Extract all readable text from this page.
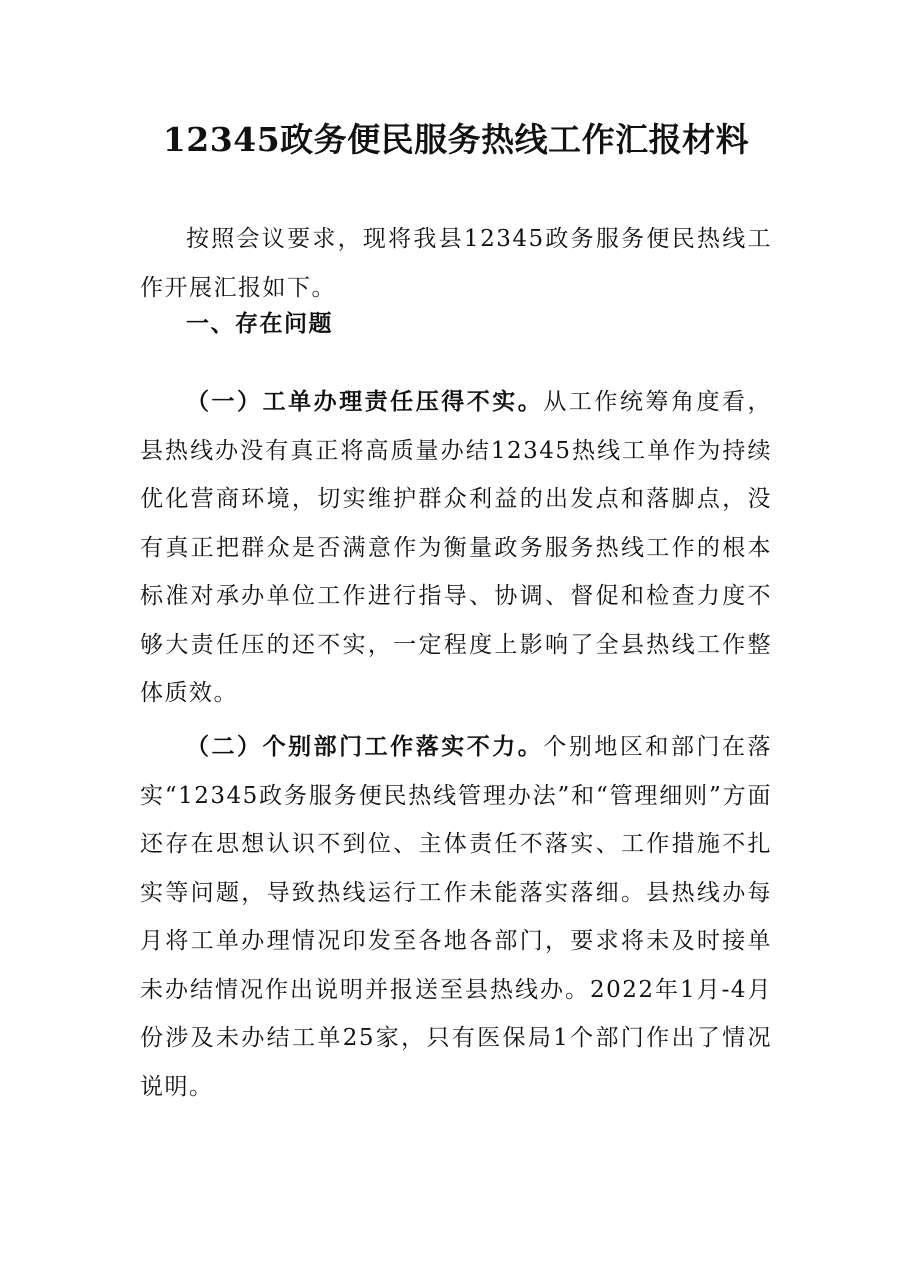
12345政务便民服务热线工作汇报材料

按照会议要求，现将我县12345政务服务便民热线工作开展汇报如下。

一、存在问题

（一）工单办理责任压得不实。从工作统筹角度看，县热线办没有真正将高质量办结12345热线工单作为持续优化营商环境，切实维护群众利益的出发点和落脚点，没有真正把群众是否满意作为衡量政务服务热线工作的根本标准对承办单位工作进行指导、协调、督促和检查力度不够大责任压的还不实，一定程度上影响了全县热线工作整体质效。

（二）个别部门工作落实不力。个别地区和部门在落实“12345政务服务便民热线管理办法”和“管理细则”方面还存在思想认识不到位、主体责任不落实、工作措施不扎实等问题，导致热线运行工作未能落实落细。县热线办每月将工单办理情况印发至各地各部门，要求将未及时接单未办结情况作出说明并报送至县热线办。2022年1月-4月份涉及未办结工单25家，只有医保局1个部门作出了情况说明。
